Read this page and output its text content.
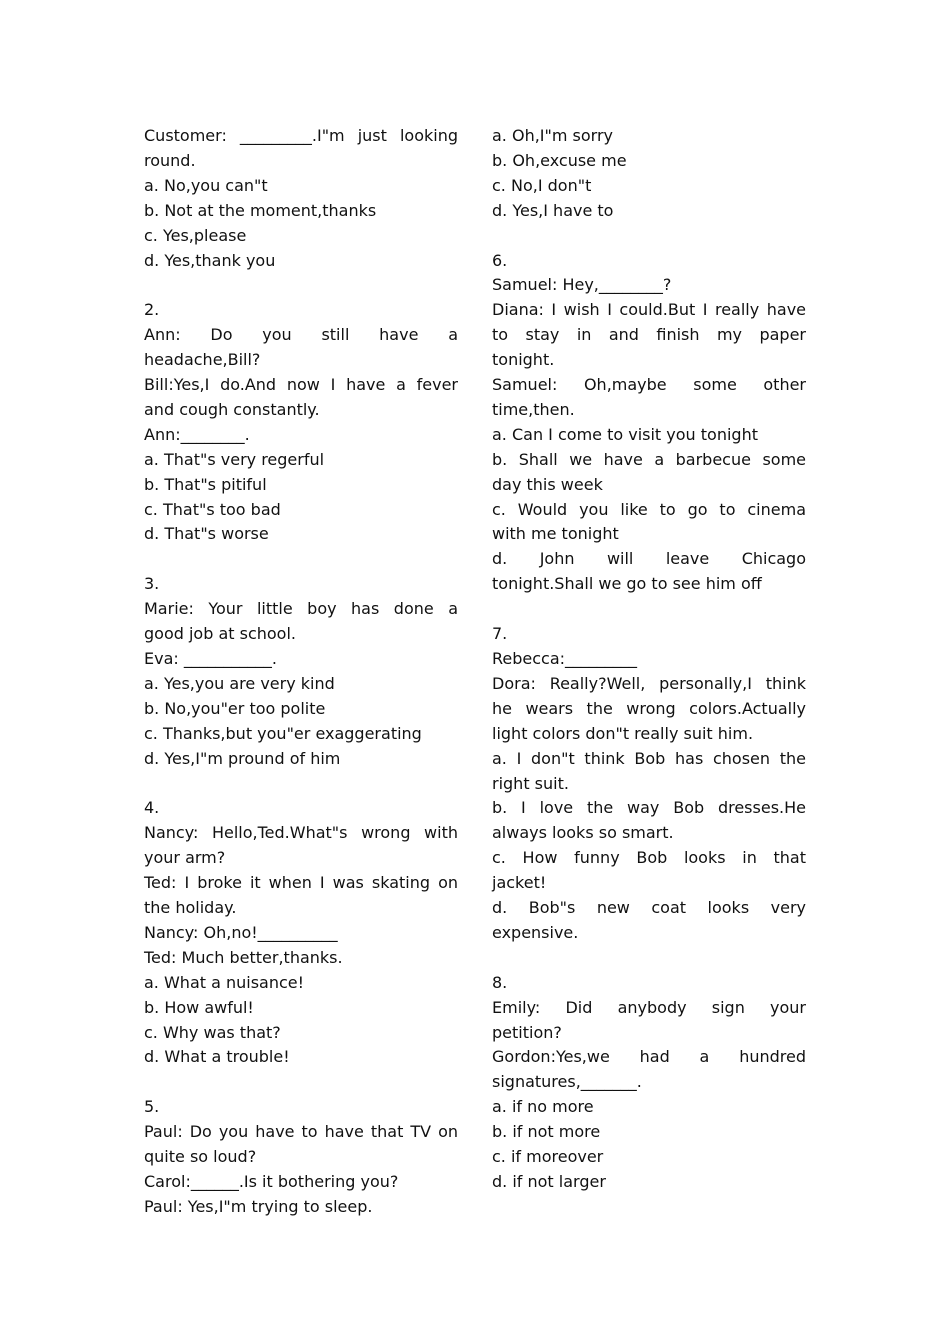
Customer: _________.I"m just looking
round.
a. No,you can"t
b. Not at the moment,thanks
c. Yes,please
d. Yes,thank you
2.
Ann: Do you still have a
headache,Bill?
Bill:Yes,I do.And now I have a fever
and cough constantly.
Ann:________.
a. That"s very regerful
b. That"s pitiful
c. That"s too bad
d. That"s worse
3.
Marie: Your little boy has done a
good job at school.
Eva: ___________.
a. Yes,you are very kind
b. No,you"er too polite
c. Thanks,but you"er exaggerating
d. Yes,I"m pround of him
4.
Nancy: Hello,Ted.What"s wrong with
your arm?
Ted: I broke it when I was skating on
the holiday.
Nancy: Oh,no!__________
Ted: Much better,thanks.
a. What a nuisance!
b. How awful!
c. Why was that?
d. What a trouble!
5.
Paul: Do you have to have that TV on
quite so loud?
Carol:______.Is it bothering you?
Paul: Yes,I"m trying to sleep.
a. Oh,I"m sorry
b. Oh,excuse me
c. No,I don"t
d. Yes,I have to
6.
Samuel: Hey,________?
Diana: I wish I could.But I really have
to stay in and finish my paper
tonight.
Samuel: Oh,maybe some other
time,then.
a. Can I come to visit you tonight
b. Shall we have a barbecue some
day this week
c. Would you like to go to cinema
with me tonight
d. John will leave Chicago
tonight.Shall we go to see him off
7.
Rebecca:_________
Dora: Really?Well, personally,I think
he wears the wrong colors.Actually
light colors don"t really suit him.
a. I don"t think Bob has chosen the
right suit.
b. I love the way Bob dresses.He
always looks so smart.
c. How funny Bob looks in that
jacket!
d. Bob"s new coat looks very
expensive.
8.
Emily: Did anybody sign your
petition?
Gordon:Yes,we had a hundred
signatures,_______.
a. if no more
b. if not more
c. if moreover
d. if not larger
